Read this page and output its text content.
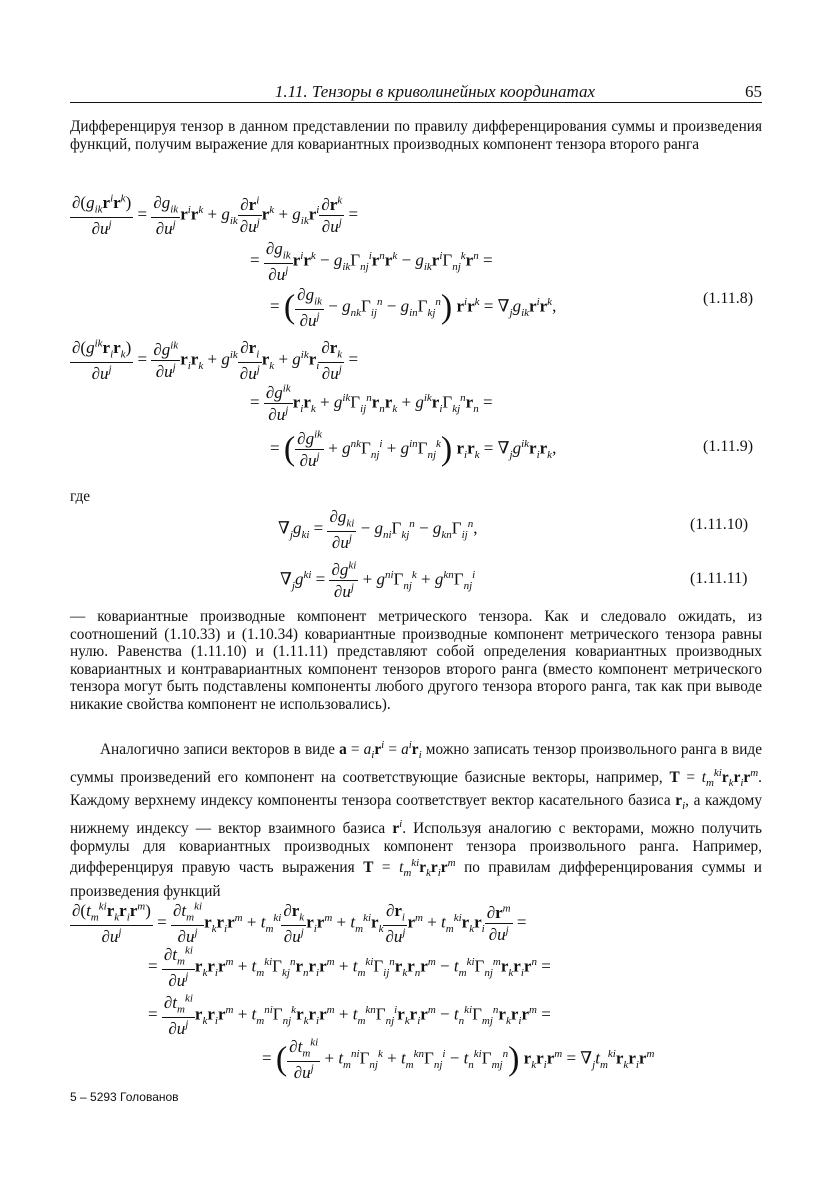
1.11. Тензоры в криволинейных координатах	65
Дифференцируя тензор в данном представлении по правилу дифференцирования суммы и произведения функций, получим выражение для ковариантных производных компонент тензора второго ранга
$\frac{\partial(g_{ik}r^ir^k)}{\partial u^j} = \frac{\partial g_{ik}}{\partial u^j} r^ir^k + g_{ik} \frac{\partial r^i}{\partial u^j} r^k + g_{ik}r^i \frac{\partial r^k}{\partial u^j}$ =
= $\frac{\partial g_{ik}}{\partial u^j} r^ir^k - g_{ik}\Gamma_{nj}^ir^nr^k - g_{ik}r^i\Gamma_{nj}^kr^n$ =
= ( $\frac{\partial g_{ik}}{\partial u^j} - g_{nk}\Gamma_{ij}^n - g_{in}\Gamma_{kj}^n$) $r^ir^k = \nabla_jg_{ik}r^ir^k$,	(1.11.8)
$\frac{\partial(g^{ik}r_ir_k)}{\partial u^j} = \frac{\partial g^{ik}}{\partial u^j} r_ir_k + g^{ik} \frac{\partial r_i}{\partial u^j} r_k + g^{ik}r_i \frac{\partial r_k}{\partial u^j}$ =
= $\frac{\partial g^{ik}}{\partial u^j} r_ir_k + g^{ik}\Gamma_{ij}^nr_nr_k + g^{ik}r_i\Gamma_{kj}^nr_n$ =
= ( $\frac{\partial g^{ik}}{\partial u^j} + g^{nk}\Gamma_{nj}^i + g^{in}\Gamma_{nj}^k$) $r_ir_k = \nabla_jg^{ik}r_ir_k$,	(1.11.9)
где
$\nabla_jg_{ki} = \frac{\partial g_{ki}}{\partial u^j} - g_{ni}\Gamma_{kj}^n - g_{kn}\Gamma_{ij}^n$,	(1.11.10)
$\nabla_jg^{ki} = \frac{\partial g^{ki}}{\partial u^j} + g^{ni}\Gamma_{nj}^k + g^{kn}\Gamma_{nj}^i$	(1.11.11)
— ковариантные производные компонент метрического тензора. Как и следовало ожидать, из соотношений (1.10.33) и (1.10.34) ковариантные производные компонент метрического тензора равны нулю. Равенства (1.11.10) и (1.11.11) представляют собой определения ковариантных производных ковариантных и контравариантных компонент тензоров второго ранга (вместо компонент метрического тензора могут быть подставлены компоненты любого другого тензора второго ранга, так как при выводе никакие свойства компонент не использовались).
Аналогично записи векторов в виде $a = a_ir^i = a^ir_i$ можно записать тензор произвольного ранга в виде суммы произведений его компонент на соответствующие базисные векторы, например, $T = t_m^{ki}r_kr_ir^m$. Каждому верхнему индексу компоненты тензора соответствует вектор касательного базиса $r_i$, а каждому нижнему индексу — вектор взаимного базиса $r^i$. Используя аналогию с векторами, можно получить формулы для ковариантных производных компонент тензора произвольного ранга. Например, дифференцируя правую часть выражения $T = t_m^{ki}r_kr_ir^m$ по правилам дифференцирования суммы и произведения функций
$\frac{\partial(t_m^{ki}r_kr_ir^m)}{\partial u^j} = \frac{\partial t_m^{ki}}{\partial u^j} r_kr_ir^m + t_m^{ki} \frac{\partial r_k}{\partial u^j} r_ir^m + t_m^{ki}r_k \frac{\partial r_i}{\partial u^j} r^m + t_m^{ki}r_kr_i \frac{\partial r^m}{\partial u^j}$ =
= $\frac{\partial t_m^{ki}}{\partial u^j} r_kr_ir^m + t_m^{ki}\Gamma_{kj}^nr_nr_ir^m + t_m^{ki}\Gamma_{ij}^nr_kr_nr^m - t_m^{ki}\Gamma_{nj}^mr_kr_ir^n$ =
= $\frac{\partial t_m^{ki}}{\partial u^j} r_kr_ir^m + t_m^{ni}\Gamma_{nj}^kr_kr_ir^m + t_m^{kn}\Gamma_{nj}^ir_kr_ir^m - t_n^{ki}\Gamma_{mj}^nr_kr_ir^m$ =
= ( $\frac{\partial t_m^{ki}}{\partial u^j} + t_m^{ni}\Gamma_{nj}^k + t_m^{kn}\Gamma_{nj}^i - t_n^{ki}\Gamma_{mj}^n$) $r_kr_ir^m = \nabla_jt_m^{ki}r_kr_ir^m$
5 – 5293 Голованов
